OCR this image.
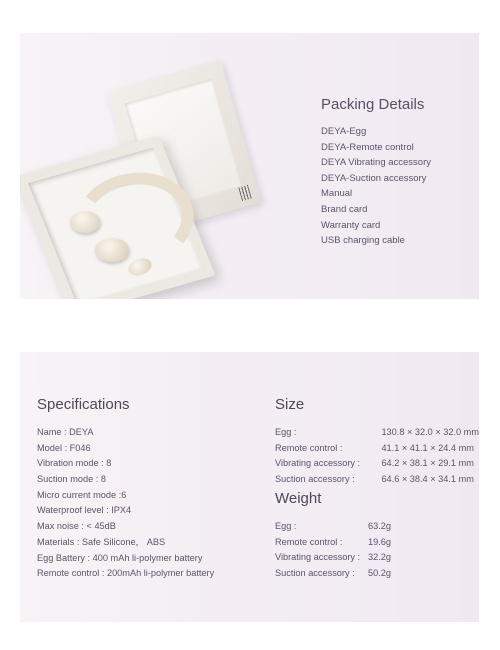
Packing Details
DEYA-Egg
DEYA-Remote control
DEYA Vibrating accessory
DEYA-Suction accessory
Manual
Brand card
Warranty card
USB charging cable
Specifications
Name : DEYA
Model : F046
Vibration mode : 8
Suction mode : 8
Micro current mode :6
Waterproof level : IPX4
Max noise : < 45dB
Materials : Safe Silicone， ABS
Egg Battery : 400 mAh li-polymer battery
Remote control : 200mAh li-polymer battery
Size
Egg :	130.8 × 32.0 × 32.0 mm
Remote control :	41.1 × 41.1 × 24.4 mm
Vibrating accessory :	64.2 × 38.1 × 29.1 mm
Suction accessory :	64.6 × 38.4 × 34.1 mm
Weight
Egg :	63.2g
Remote control :	19.6g
Vibrating accessory :	32.2g
Suction accessory :	50.2g
